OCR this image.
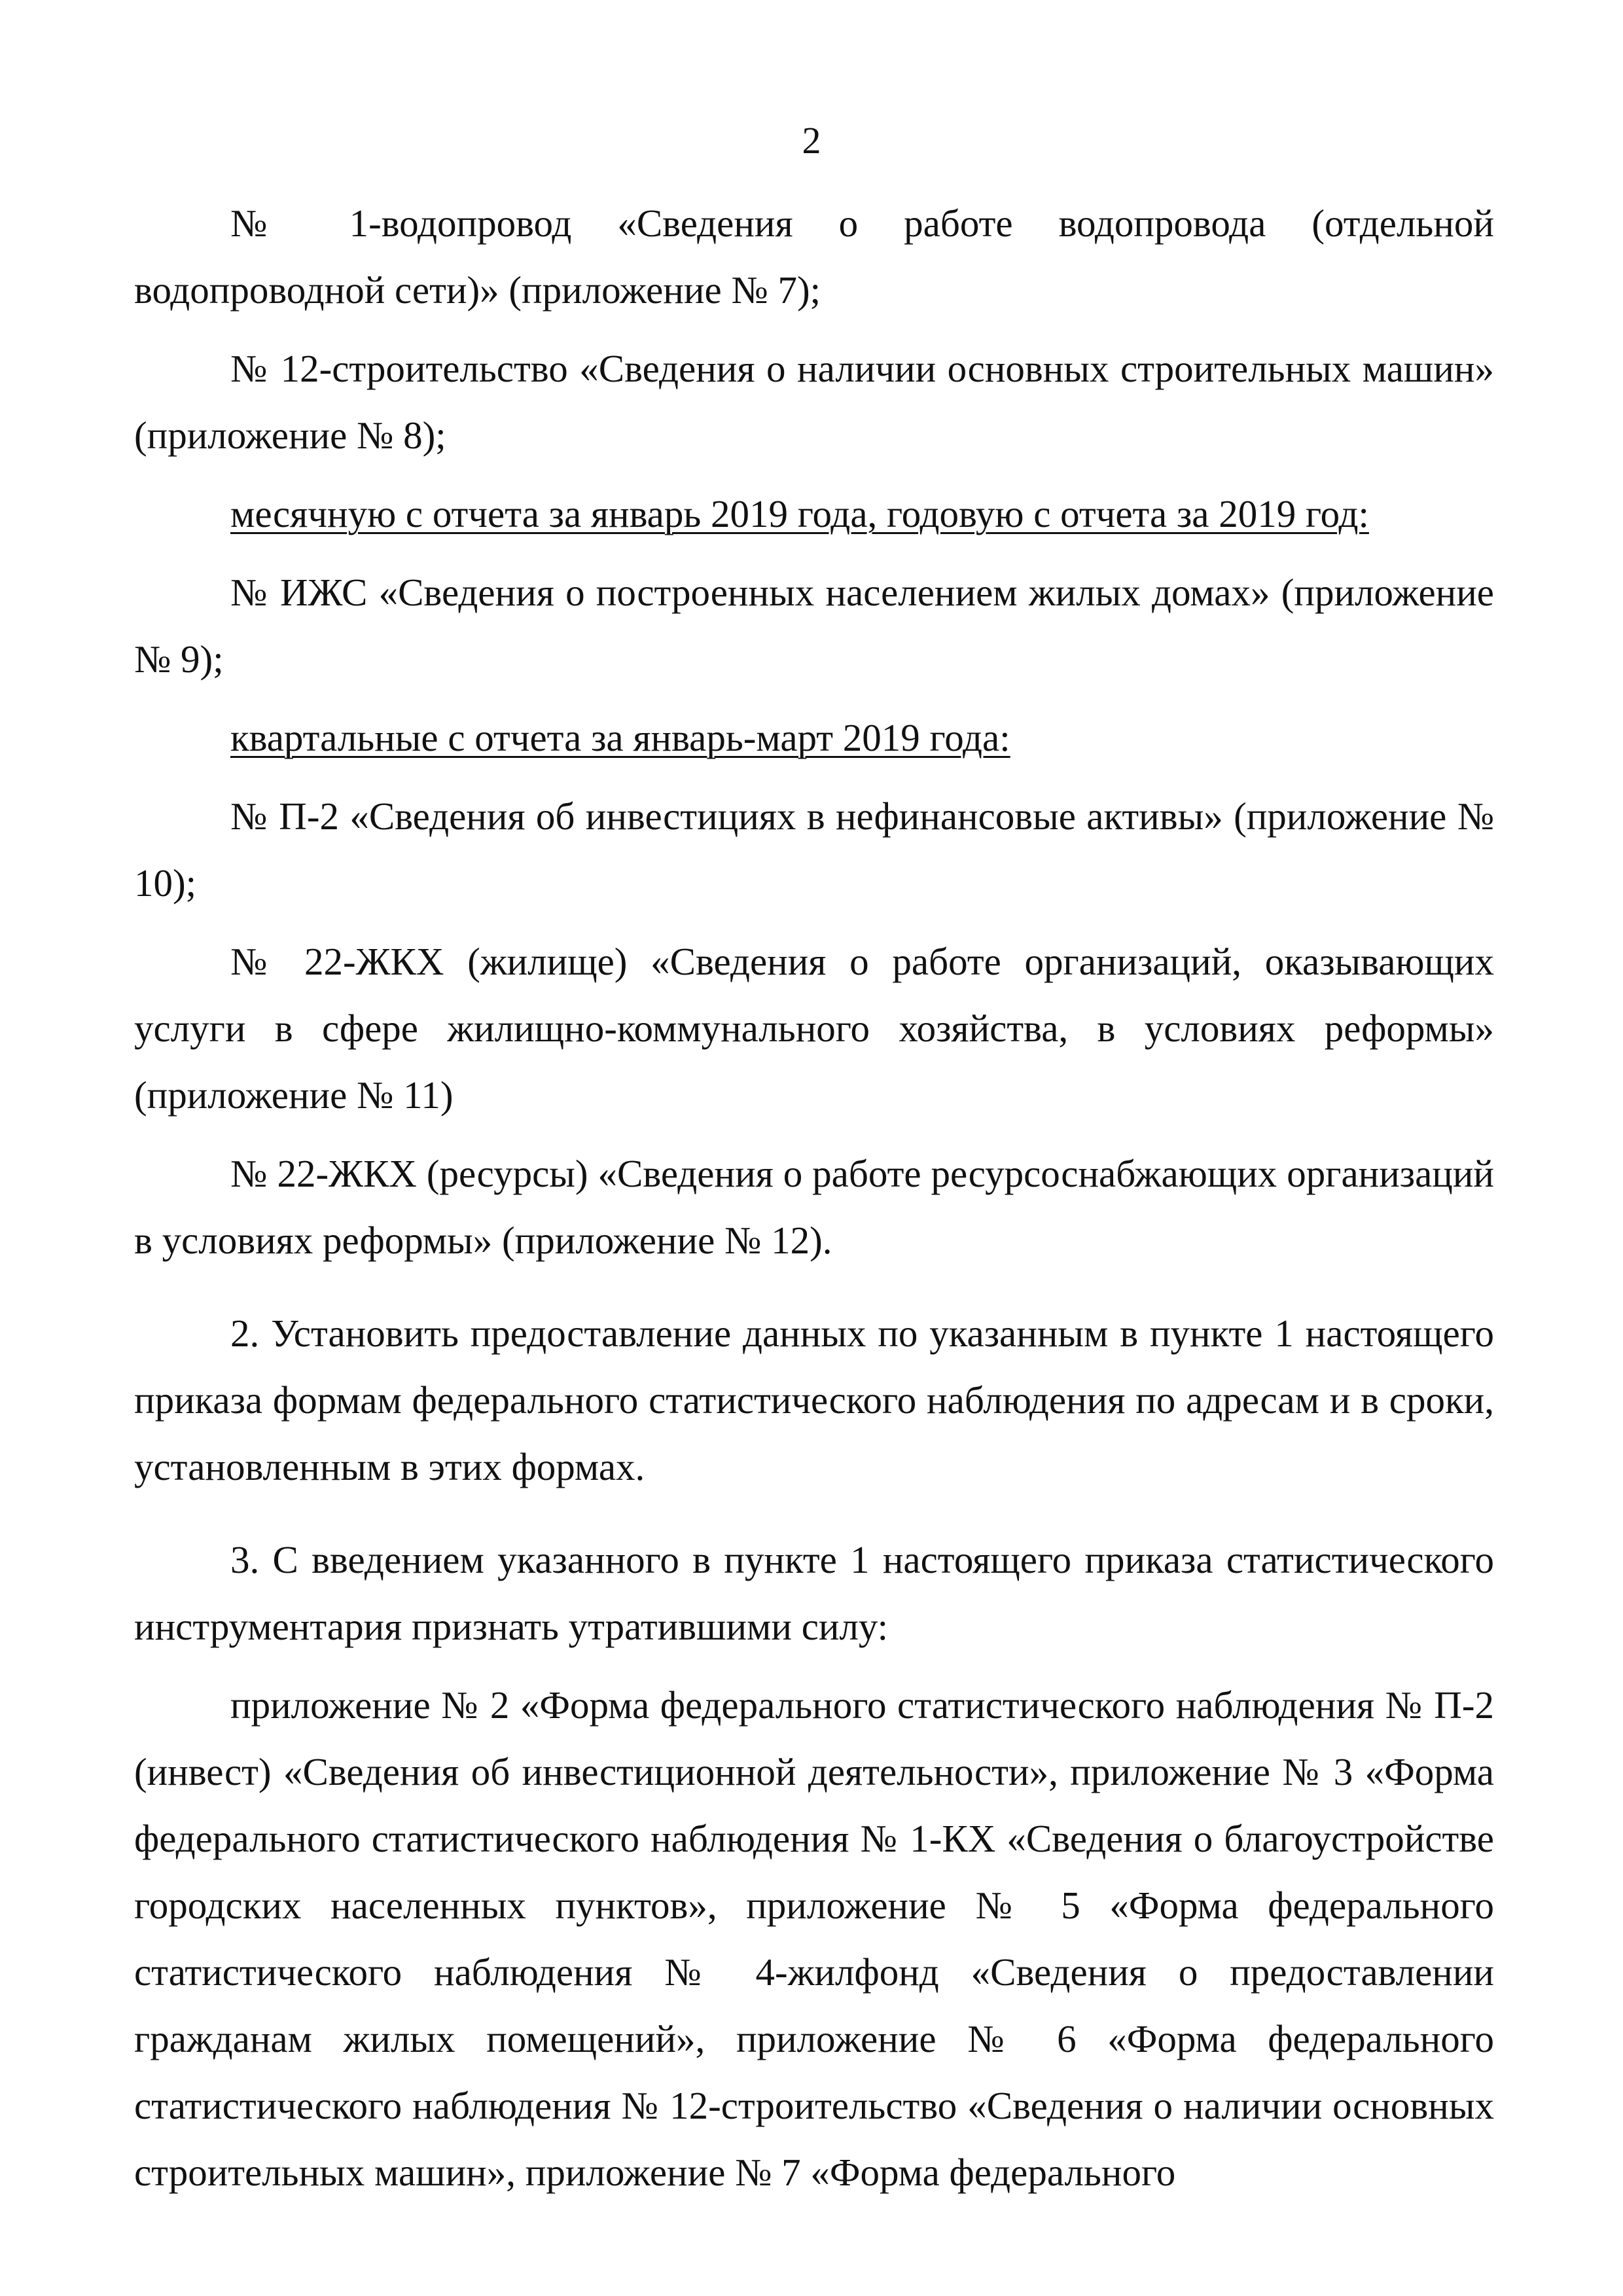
2

№ 1-водопровод «Сведения о работе водопровода (отдельной водопроводной сети)» (приложение № 7);

№ 12-строительство «Сведения о наличии основных строительных машин» (приложение № 8);

месячную с отчета за январь 2019 года, годовую с отчета за 2019 год:

№ ИЖС «Сведения о построенных населением жилых домах» (приложение № 9);

квартальные с отчета за январь-март 2019 года:

№ П-2 «Сведения об инвестициях в нефинансовые активы» (приложение № 10);

№ 22-ЖКХ (жилище) «Сведения о работе организаций, оказывающих услуги в сфере жилищно-коммунального хозяйства, в условиях реформы» (приложение № 11)

№ 22-ЖКХ (ресурсы) «Сведения о работе ресурсоснабжающих организаций в условиях реформы» (приложение № 12).

2. Установить предоставление данных по указанным в пункте 1 настоящего приказа формам федерального статистического наблюдения по адресам и в сроки, установленным в этих формах.

3. С введением указанного в пункте 1 настоящего приказа статистического инструментария признать утратившими силу:

приложение № 2 «Форма федерального статистического наблюдения № П-2 (инвест) «Сведения об инвестиционной деятельности», приложение № 3 «Форма федерального статистического наблюдения № 1-КХ «Сведения о благоустройстве городских населенных пунктов», приложение № 5 «Форма федерального статистического наблюдения № 4-жилфонд «Сведения о предоставлении гражданам жилых помещений», приложение № 6 «Форма федерального статистического наблюдения № 12-строительство «Сведения о наличии основных строительных машин», приложение № 7 «Форма федерального
